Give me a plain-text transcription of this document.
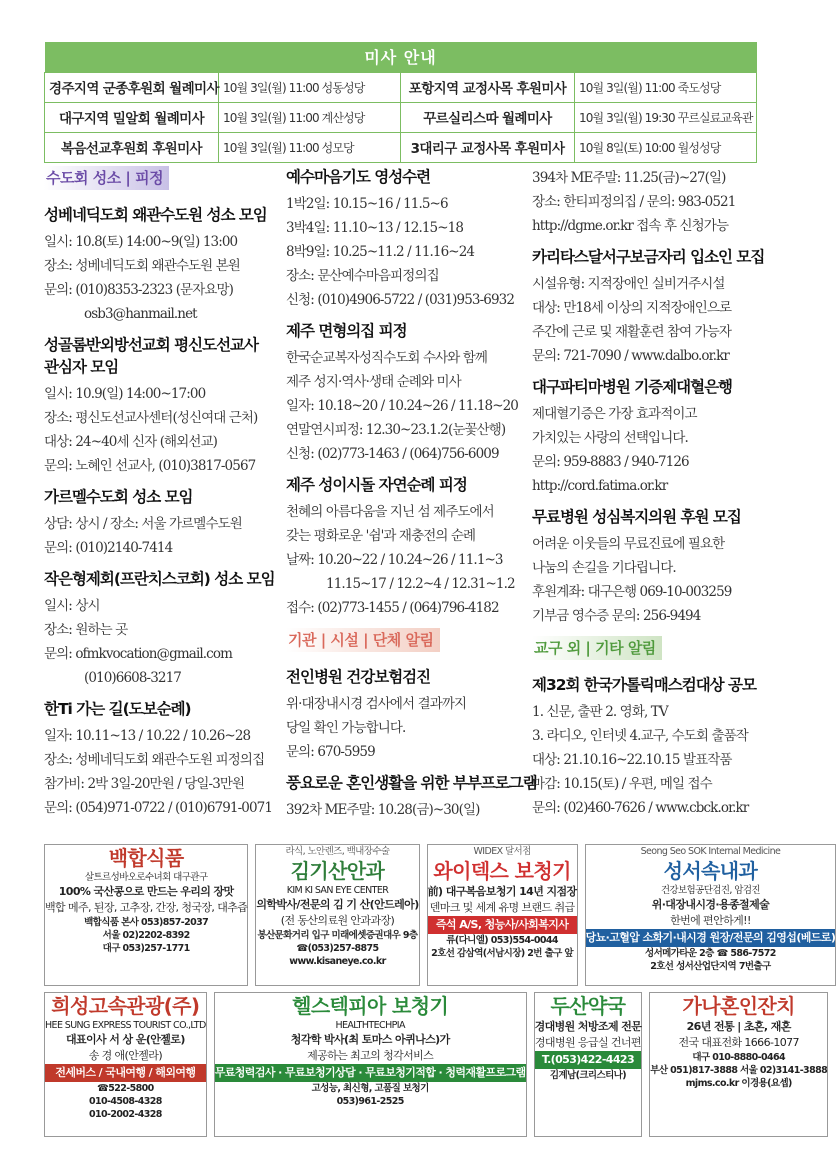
미사 안내			
경주지역 군종후원회 월례미사	10월 3일(월) 11:00 성동성당	포항지역 교정사목 후원미사	10월 3일(월) 11:00 죽도성당
대구지역 밀알회 월례미사	10월 3일(월) 11:00 계산성당	꾸르실리스따 월례미사	10월 3일(월) 19:30 꾸르실료교육관
복음선교후원회 후원미사	10월 3일(월) 11:00 성모당	3대리구 교정사목 후원미사	10월 8일(토) 10:00 월성성당
수도회 성소 | 피정
성베네딕도회 왜관수도원 성소 모임
일시: 10.8(토) 14:00~9(일) 13:00
장소: 성베네딕도회 왜관수도원 본원
문의: (010)8353-2323 (문자요망)
osb3@hanmail.net
성골롬반외방선교회 평신도선교사 관심자 모임
일시: 10.9(일) 14:00~17:00
장소: 평신도선교사센터(성신여대 근처)
대상: 24~40세 신자 (해외선교)
문의: 노혜인 선교사, (010)3817-0567
가르멜수도회 성소 모임
상담: 상시 / 장소: 서울 가르멜수도원
문의: (010)2140-7414
작은형제회(프란치스코회) 성소 모임
일시: 상시
장소: 원하는 곳
문의: ofmkvocation@gmail.com
(010)6608-3217
한Ti 가는 길(도보순례)
일자: 10.11~13 / 10.22 / 10.26~28
장소: 성베네딕도회 왜관수도원 피정의집
참가비: 2박 3일-20만원 / 당일-3만원
문의: (054)971-0722 / (010)6791-0071
예수마음기도 영성수련
1박2일: 10.15~16 / 11.5~6
3박4일: 11.10~13 / 12.15~18
8박9일: 10.25~11.2 / 11.16~24
장소: 문산예수마음피정의집
신청: (010)4906-5722 / (031)953-6932
제주 면형의집 피정
한국순교복자성직수도회 수사와 함께
제주 성지·역사·생태 순례와 미사
일자: 10.18~20 / 10.24~26 / 11.18~20
연말연시피정: 12.30~23.1.2(눈꽃산행)
신청: (02)773-1463 / (064)756-6009
제주 성이시돌 자연순례 피정
천혜의 아름다움을 지닌 섬 제주도에서
갖는 평화로운 '쉼'과 재충전의 순례
날짜: 10.20~22 / 10.24~26 / 11.1~3
11.15~17 / 12.2~4 / 12.31~1.2
접수: (02)773-1455 / (064)796-4182
기관 | 시설 | 단체 알림
전인병원 건강보험검진
위·대장내시경 검사에서 결과까지
당일 확인 가능합니다.
문의: 670-5959
풍요로운 혼인생활을 위한 부부프로그램
392차 ME주말: 10.28(금)~30(일)
394차 ME주말: 11.25(금)~27(일)
장소: 한티피정의집 / 문의: 983-0521
http://dgme.or.kr 접속 후 신청가능
카리타스달서구보금자리 입소인 모집
시설유형: 지적장애인 실비거주시설
대상: 만18세 이상의 지적장애인으로
주간에 근로 및 재활훈련 참여 가능자
문의: 721-7090 / www.dalbo.or.kr
대구파티마병원 기증제대혈은행
제대혈기증은 가장 효과적이고
가치있는 사랑의 선택입니다.
문의: 959-8883 / 940-7126
http://cord.fatima.or.kr
무료병원 성심복지의원 후원 모집
어려운 이웃들의 무료진료에 필요한
나눔의 손길을 기다립니다.
후원계좌: 대구은행 069-10-003259
기부금 영수증 문의: 256-9494
교구 외 | 기타 알림
제32회 한국가톨릭매스컴대상 공모
1. 신문, 출판 2. 영화, TV
3. 라디오, 인터넷 4.교구, 수도회 출품작
대상: 21.10.16~22.10.15 발표작품
마감: 10.15(토) / 우편, 메일 접수
문의: (02)460-7626 / www.cbck.or.kr
백합식품
살트르성바오로수녀회 대구관구
100% 국산콩으로 만드는 우리의 장맛
백합 메주, 된장, 고추장, 간장, 청국장, 대추즙
백합식품 본사 053)857-2037
서울 02)2202-8392
대구 053)257-1771
라식, 노안렌즈, 백내장수술
김기산안과
KIM KI SAN EYE CENTER
의학박사/전문의 김 기 산(안드레아)
(전 동산의료원 안과과장)
봉산문화거리 입구 미래에셋증권대우 9층
☎(053)257-8875
www.kisaneye.co.kr
WIDEX 달서점
와이덱스 보청기
前) 대구복음보청기 14년 지점장
덴마크 및 세계 유명 브랜드 취급
즉석 A/S, 청능사/사회복지사
류(다니엘) 053)554-0044
2호선 감삼역(서남시장) 2번 출구 앞
Seong Seo SOK Internal Medicine
성서속내과
건강보험공단검진, 암검진
위·대장내시경·용종절제술
한번에 편안하게!!
당뇨·고혈압 소화기·내시경 원장/전문의 김영섭(베드로)
성서메가타운 2층 ☎ 586-7572
2호선 성서산업단지역 7번출구
희성고속관광(주)
HEE SUNG EXPRESS TOURIST CO.,LTD
대표이사 서 상 운(안젤로)
송 경 애(안젤라)
전세버스 / 국내여행 / 해외여행
☎522-5800
010-4508-4328
010-2002-4328
헬스텍피아 보청기
HEALTHTECHPIA
청각학 박사(최 토마스 아퀴나스)가
제공하는 최고의 청각서비스
무료청력검사 · 무료보청기상담 · 무료보청기적합 · 청력재활프로그램
고성능, 최신형, 고품질 보청기
053)961-2525
두산약국
경대병원 처방조제 전문
경대병원 응급실 건너편
T.(053)422-4423
김계남(크리스티나)
가나혼인잔치
26년 전통 | 초혼, 재혼
전국 대표전화 1666-1077
대구 010-8880-0464
부산 051)817-3888 서울 02)3141-3888
mjms.co.kr 이경용(요셉)
